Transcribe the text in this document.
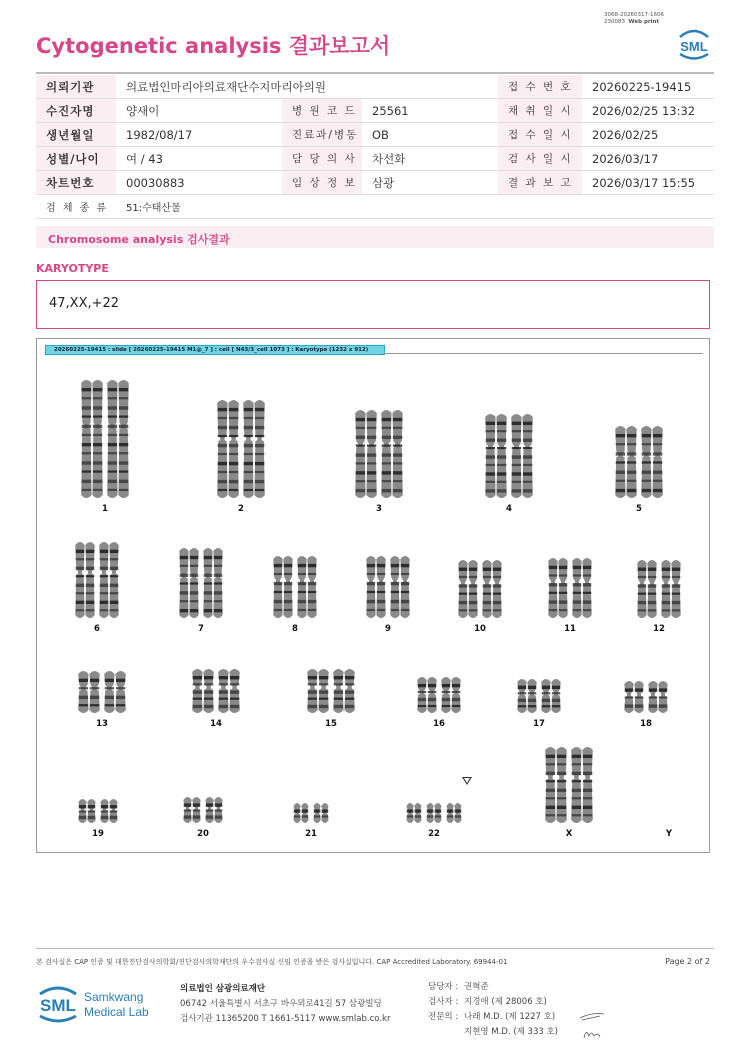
3068-20260317-1606
230083 Web print
Cytogenetic analysis 결과보고서	SML
의뢰기관	의료법인마리아의료재단수지마리아의원			접 수 번 호	20260225-19415
수진자명	양새이	병 원 코 드	25561	채 취 일 시	2026/02/25 13:32
생년월일	1982/08/17	진료과/병동	OB	접 수 일 시	2026/02/25
성별/나이	여 / 43	담 당 의 사	차선화	검 사 일 시	2026/03/17
차트번호	00030883	임 상 정 보	삼광	결 과 보 고	2026/03/17 15:55
검 체 종 류	51:수태산물				
Chromosome analysis 검사결과
KARYOTYPE
47,XX,+22
20260225-19415 : slide [ 20260225-19415 M1@_7 ] : cell [ N43/3_cell 1073 ] : Karyotype (1232 x 912)
1	2	3	4	5
6	7	8	9	10	11	12
13	14	15	16	17	18
19	20	21	22	X	Y
본 검사실은 CAP 인증 및 대한진단검사의학회/진단검사의학재단의 우수검사실 신임 인증을 받은 검사실입니다. CAP Accredited Laboratory. 69944-01	Page 2 of 2
SML Samkwang
Medical Lab
의료법인 삼광의료재단
06742 서울특별시 서초구 바우뫼로41길 57 삼광빌딩
검사기관 11365200 T 1661-5117 www.smlab.co.kr
담당자 : 권혁준
검사자 : 지경애 (제 28006 호)
전문의 : 나래 M.D. (제 1227 호)
지현영 M.D. (제 333 호)
